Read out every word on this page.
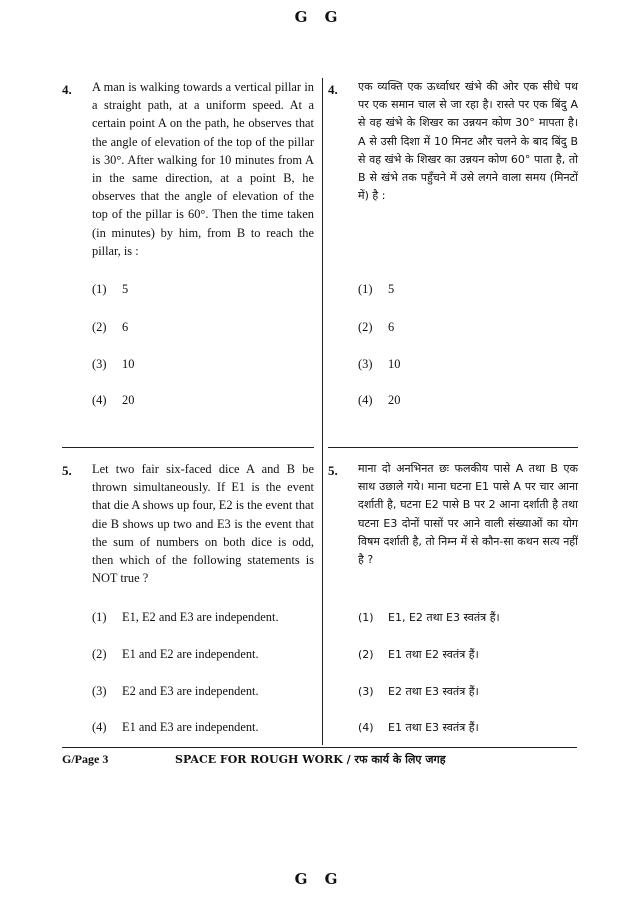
G G
4. A man is walking towards a vertical pillar in a straight path, at a uniform speed. At a certain point A on the path, he observes that the angle of elevation of the top of the pillar is 30°. After walking for 10 minutes from A in the same direction, at a point B, he observes that the angle of elevation of the top of the pillar is 60°. Then the time taken (in minutes) by him, from B to reach the pillar, is :
(1) 5
(2) 6
(3) 10
(4) 20
4. एक व्यक्ति एक ऊर्ध्वाधर खंभे की ओर एक सीधे पथ पर एक समान चाल से जा रहा है। रास्ते पर एक बिंदु A से वह खंभे के शिखर का उन्नयन कोण 30° मापता है। A से उसी दिशा में 10 मिनट और चलने के बाद बिंदु B से वह खंभे के शिखर का उन्नयन कोण 60° पाता है, तो B से खंभे तक पहुँचने में उसे लगने वाला समय (मिनटों में) है :
(1) 5
(2) 6
(3) 10
(4) 20
5. Let two fair six-faced dice A and B be thrown simultaneously. If E1 is the event that die A shows up four, E2 is the event that die B shows up two and E3 is the event that the sum of numbers on both dice is odd, then which of the following statements is NOT true ?
(1) E1, E2 and E3 are independent.
(2) E1 and E2 are independent.
(3) E2 and E3 are independent.
(4) E1 and E3 are independent.
5. माना दो अनभिनत छः फलकीय पासे A तथा B एक साथ उछाले गये। माना घटना E1 पासे A पर चार आना दर्शाती है, घटना E2 पासे B पर 2 आना दर्शाती है तथा घटना E3 दोनों पासों पर आने वाली संख्याओं का योग विषम दर्शाती है, तो निम्न में से कौन-सा कथन सत्य नहीं है ?
(1) E1, E2 तथा E3 स्वतंत्र हैं।
(2) E1 तथा E2 स्वतंत्र हैं।
(3) E2 तथा E3 स्वतंत्र हैं।
(4) E1 तथा E3 स्वतंत्र हैं।
G/Page 3	SPACE FOR ROUGH WORK / रफ कार्य के लिए जगह
G G
